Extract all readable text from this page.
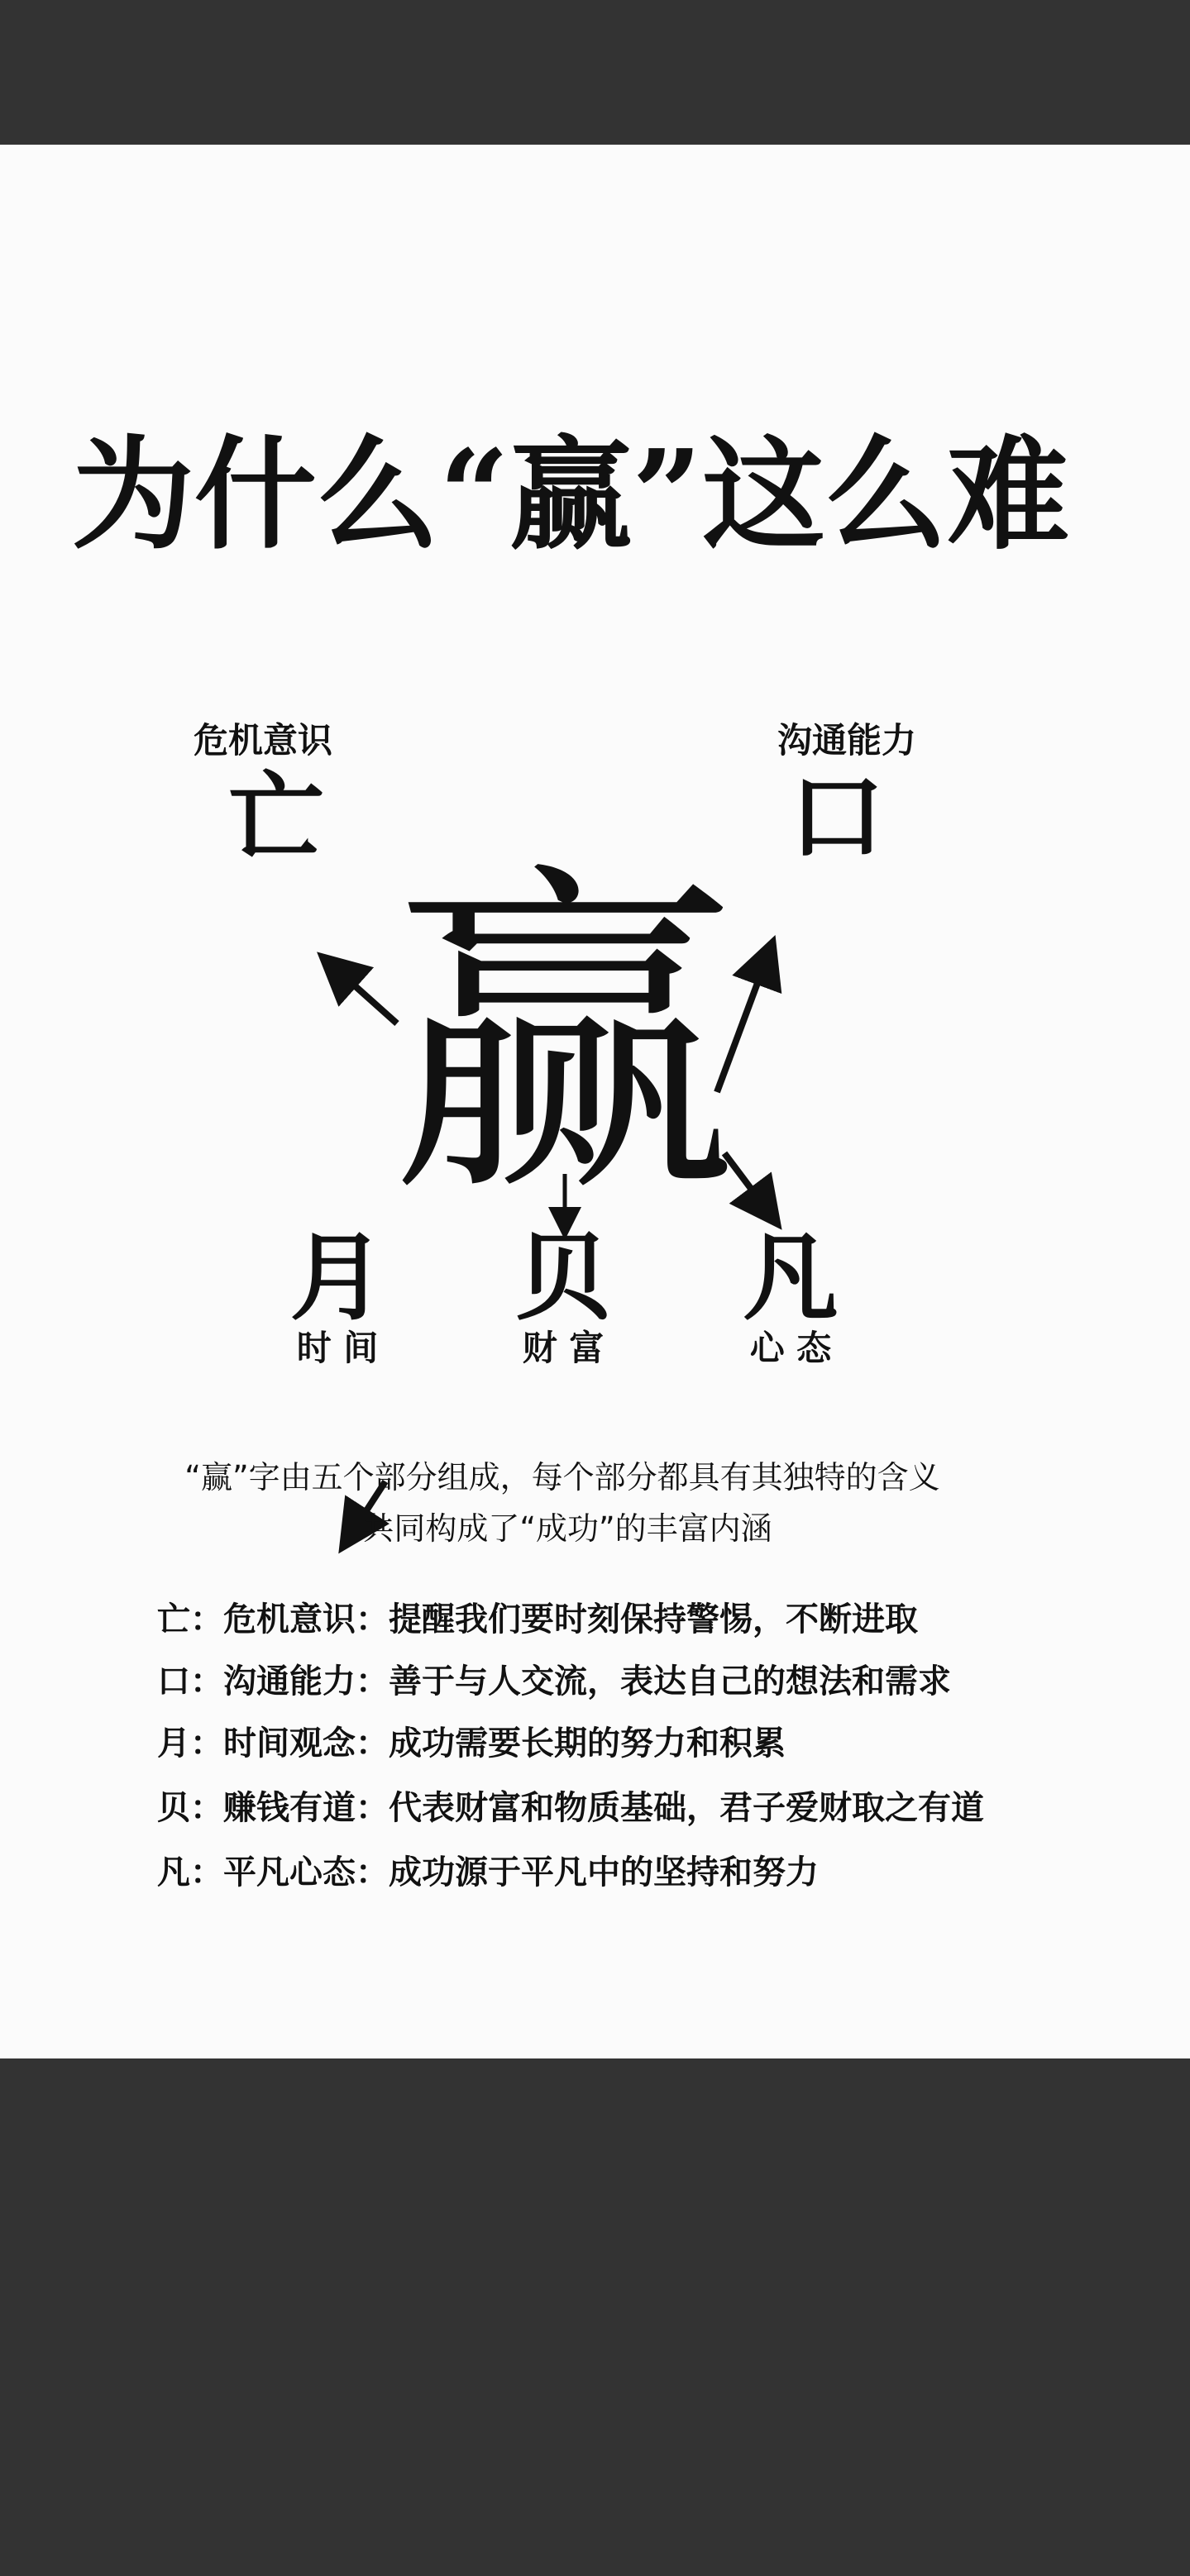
为什么“赢”这么难
危机意识	沟通能力
亡	口
赢
月 贝 凡
时 间	财 富	心 态
“赢”字由五个部分组成，每个部分都具有其独特的含义
共同构成了“成功”的丰富内涵
亡：危机意识：提醒我们要时刻保持警惕，不断进取
口：沟通能力：善于与人交流，表达自己的想法和需求
月：时间观念：成功需要长期的努力和积累
贝：赚钱有道：代表财富和物质基础，君子爱财取之有道
凡：平凡心态：成功源于平凡中的坚持和努力
